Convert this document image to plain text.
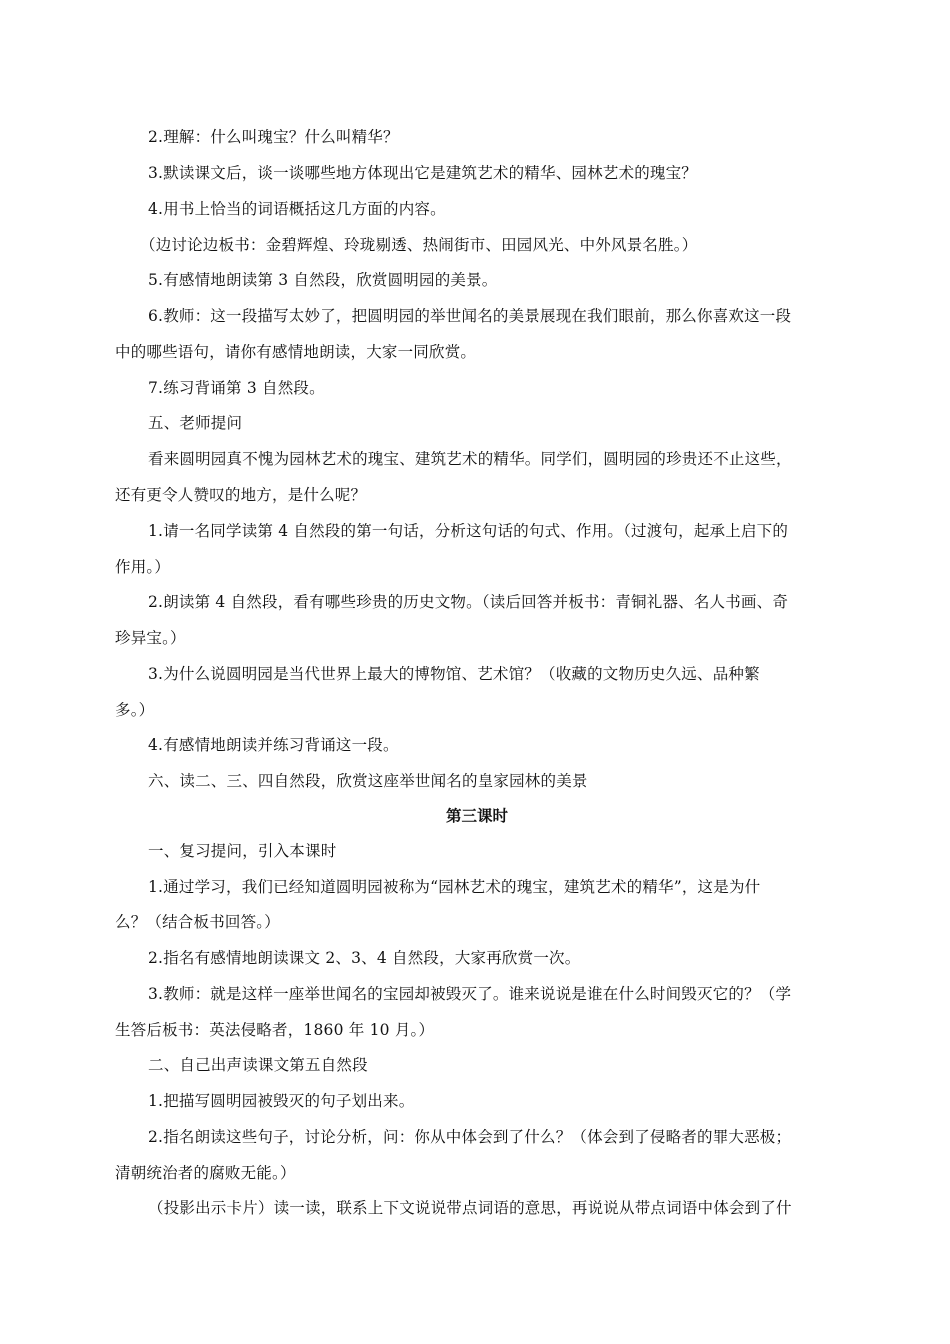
2.理解：什么叫瑰宝？什么叫精华？
3.默读课文后，谈一谈哪些地方体现出它是建筑艺术的精华、园林艺术的瑰宝？
4.用书上恰当的词语概括这几方面的内容。
（边讨论边板书：金碧辉煌、玲珑剔透、热闹街市、田园风光、中外风景名胜。）
5.有感情地朗读第 3 自然段，欣赏圆明园的美景。
6.教师：这一段描写太妙了，把圆明园的举世闻名的美景展现在我们眼前，那么你喜欢这一段
中的哪些语句，请你有感情地朗读，大家一同欣赏。
7.练习背诵第 3 自然段。
五、老师提问
看来圆明园真不愧为园林艺术的瑰宝、建筑艺术的精华。同学们，圆明园的珍贵还不止这些，
还有更令人赞叹的地方，是什么呢？
1.请一名同学读第 4 自然段的第一句话，分析这句话的句式、作用。（过渡句，起承上启下的
作用。）
2.朗读第 4 自然段，看有哪些珍贵的历史文物。（读后回答并板书：青铜礼器、名人书画、奇
珍异宝。）
3.为什么说圆明园是当代世界上最大的博物馆、艺术馆？（收藏的文物历史久远、品种繁
多。）
4.有感情地朗读并练习背诵这一段。
六、读二、三、四自然段，欣赏这座举世闻名的皇家园林的美景
第三课时
一、复习提问，引入本课时
1.通过学习，我们已经知道圆明园被称为“园林艺术的瑰宝，建筑艺术的精华”，这是为什
么？（结合板书回答。）
2.指名有感情地朗读课文 2、3、4 自然段，大家再欣赏一次。
3.教师：就是这样一座举世闻名的宝园却被毁灭了。谁来说说是谁在什么时间毁灭它的？（学
生答后板书：英法侵略者，1860 年 10 月。）
二、自己出声读课文第五自然段
1.把描写圆明园被毁灭的句子划出来。
2.指名朗读这些句子，讨论分析，问：你从中体会到了什么？（体会到了侵略者的罪大恶极；
清朝统治者的腐败无能。）
（投影出示卡片）读一读，联系上下文说说带点词语的意思，再说说从带点词语中体会到了什
